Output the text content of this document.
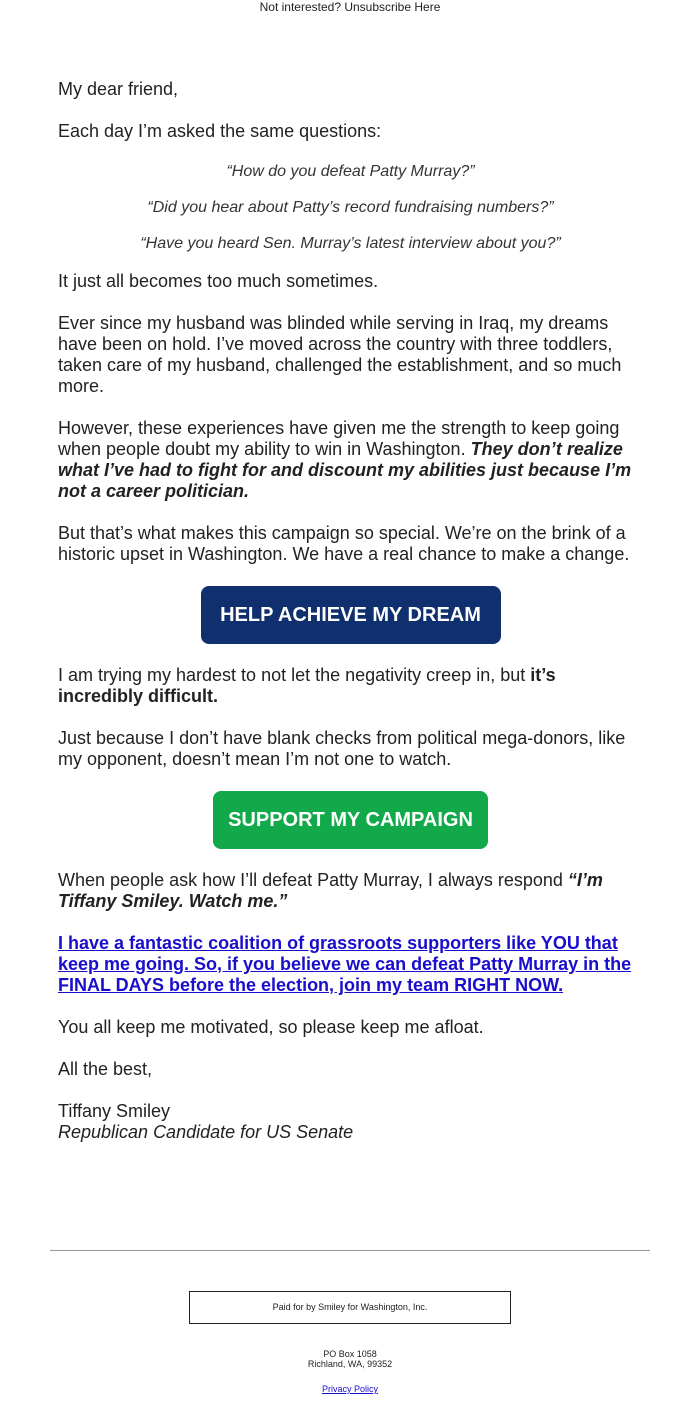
Not interested? Unsubscribe Here

My dear friend,

Each day I’m asked the same questions:

“How do you defeat Patty Murray?”

“Did you hear about Patty’s record fundraising numbers?”

“Have you heard Sen. Murray’s latest interview about you?”

It just all becomes too much sometimes.

Ever since my husband was blinded while serving in Iraq, my dreams have been on hold. I’ve moved across the country with three toddlers, taken care of my husband, challenged the establishment, and so much more.

However, these experiences have given me the strength to keep going when people doubt my ability to win in Washington. They don’t realize what I’ve had to fight for and discount my abilities just because I’m not a career politician.

But that’s what makes this campaign so special. We’re on the brink of a historic upset in Washington. We have a real chance to make a change.

HELP ACHIEVE MY DREAM

I am trying my hardest to not let the negativity creep in, but it’s incredibly difficult.

Just because I don’t have blank checks from political mega-donors, like my opponent, doesn’t mean I’m not one to watch.

SUPPORT MY CAMPAIGN

When people ask how I’ll defeat Patty Murray, I always respond “I’m Tiffany Smiley. Watch me.”

I have a fantastic coalition of grassroots supporters like YOU that keep me going. So, if you believe we can defeat Patty Murray in the FINAL DAYS before the election, join my team RIGHT NOW.

You all keep me motivated, so please keep me afloat.

All the best,

Tiffany Smiley
Republican Candidate for US Senate

Paid for by Smiley for Washington, Inc.
PO Box 1058
Richland, WA, 99352
Privacy Policy
